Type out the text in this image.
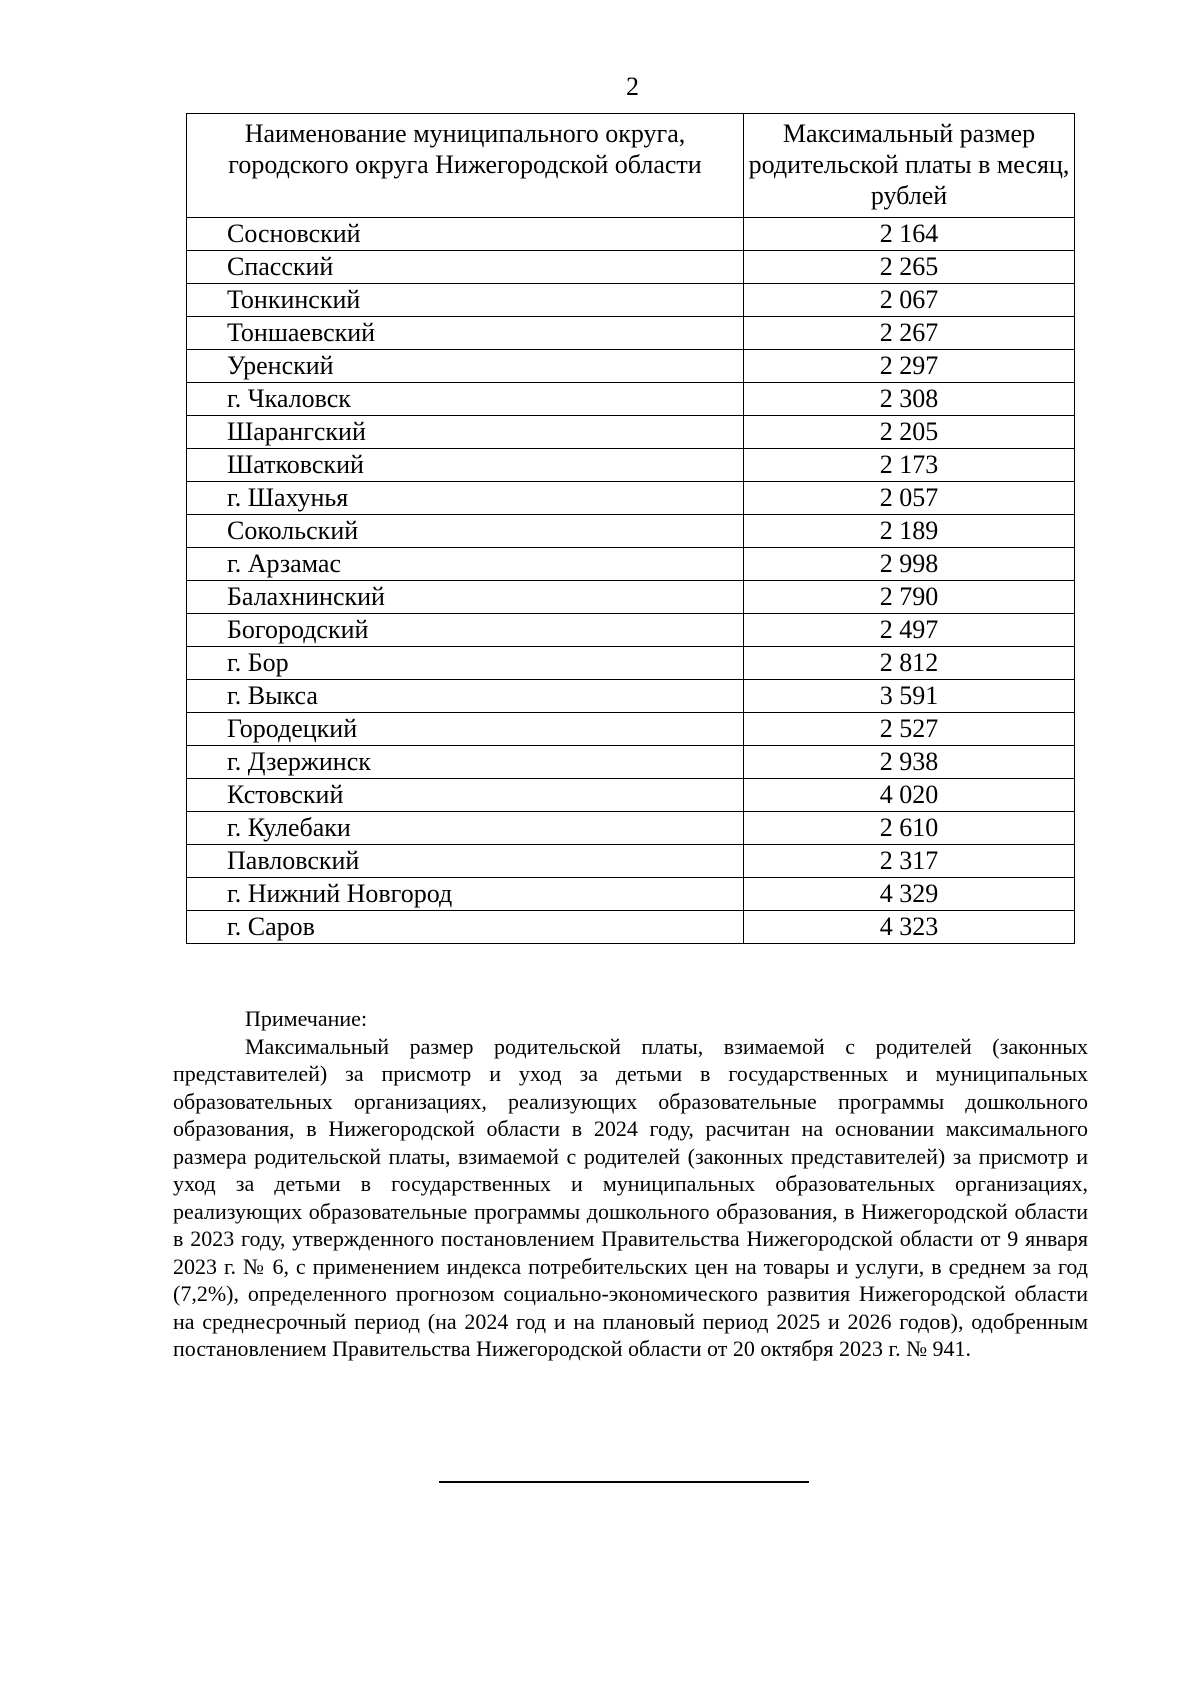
2
Наименование муниципального округа, городского округа Нижегородской области	Максимальный размер родительской платы в месяц, рублей
Сосновский	2 164
Спасский	2 265
Тонкинский	2 067
Тоншаевский	2 267
Уренский	2 297
г. Чкаловск	2 308
Шарангский	2 205
Шатковский	2 173
г. Шахунья	2 057
Сокольский	2 189
г. Арзамас	2 998
Балахнинский	2 790
Богородский	2 497
г. Бор	2 812
г. Выкса	3 591
Городецкий	2 527
г. Дзержинск	2 938
Кстовский	4 020
г. Кулебаки	2 610
Павловский	2 317
г. Нижний Новгород	4 329
г. Саров	4 323

Примечание:

Максимальный размер родительской платы, взимаемой с родителей (законных представителей) за присмотр и уход за детьми в государственных и муниципальных образовательных организациях, реализующих образовательные программы дошкольного образования, в Нижегородской области в 2024 году, расчитан на основании максимального размера родительской платы, взимаемой с родителей (законных представителей) за присмотр и уход за детьми в государственных и муниципальных образовательных организациях, реализующих образовательные программы дошкольного образования, в Нижегородской области в 2023 году, утвержденного постановлением Правительства Нижегородской области от 9 января 2023 г. № 6, с применением индекса потребительских цен на товары и услуги, в среднем за год (7,2%), определенного прогнозом социально-экономического развития Нижегородской области на среднесрочный период (на 2024 год и на плановый период 2025 и 2026 годов), одобренным постановлением Правительства Нижегородской области от 20 октября 2023 г. № 941.
